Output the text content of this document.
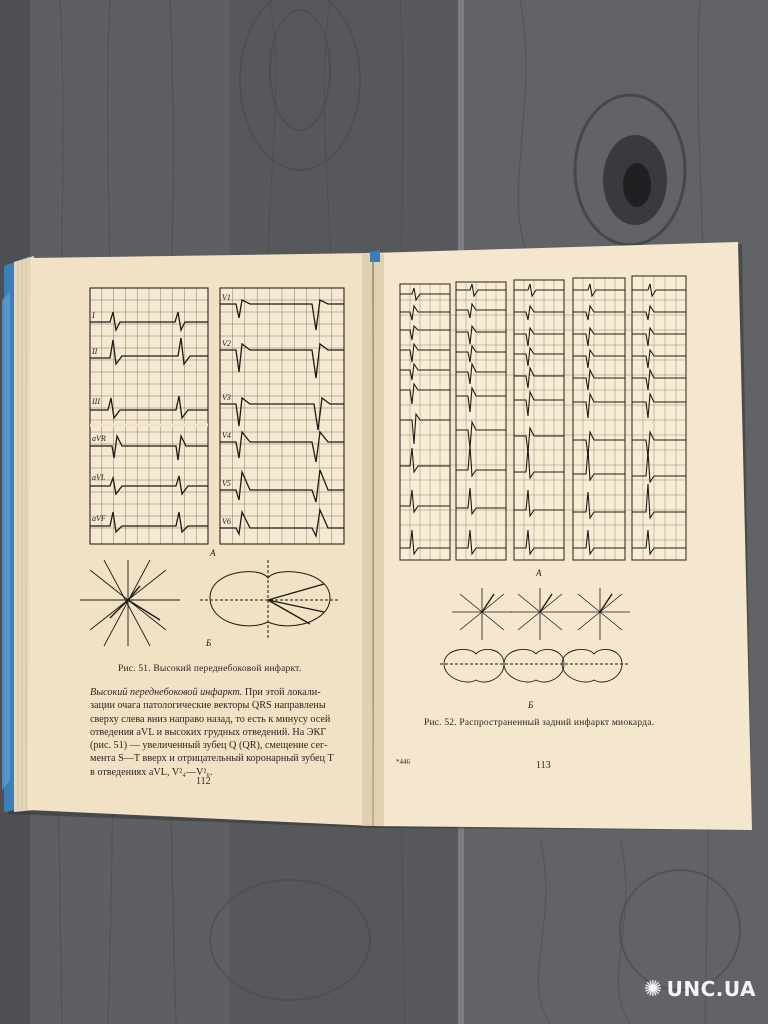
I
II
III
aVR
aVL
aVF
V1
V2
V3
V4
V5
V6
А
Б
А
Б
Рис. 51. Высокий переднебоковой инфаркт.
Высокий переднебоковой инфаркт. При этой локали-
зации очага патологические векторы QRS направлены
сверху слева вниз направо назад, то есть к минусу осей
отведения aVL и высоких грудных отведений. На ЭКГ
(рис. 51) — увеличенный зубец Q (QR), смещение сег-
мента S—T вверх и отрицательный коронарный зубец T
в отведениях aVL, V²₄—V²₆.
112
Рис. 52. Распространенный задний инфаркт миокарда.
*446	113
✺ UNC.UA
